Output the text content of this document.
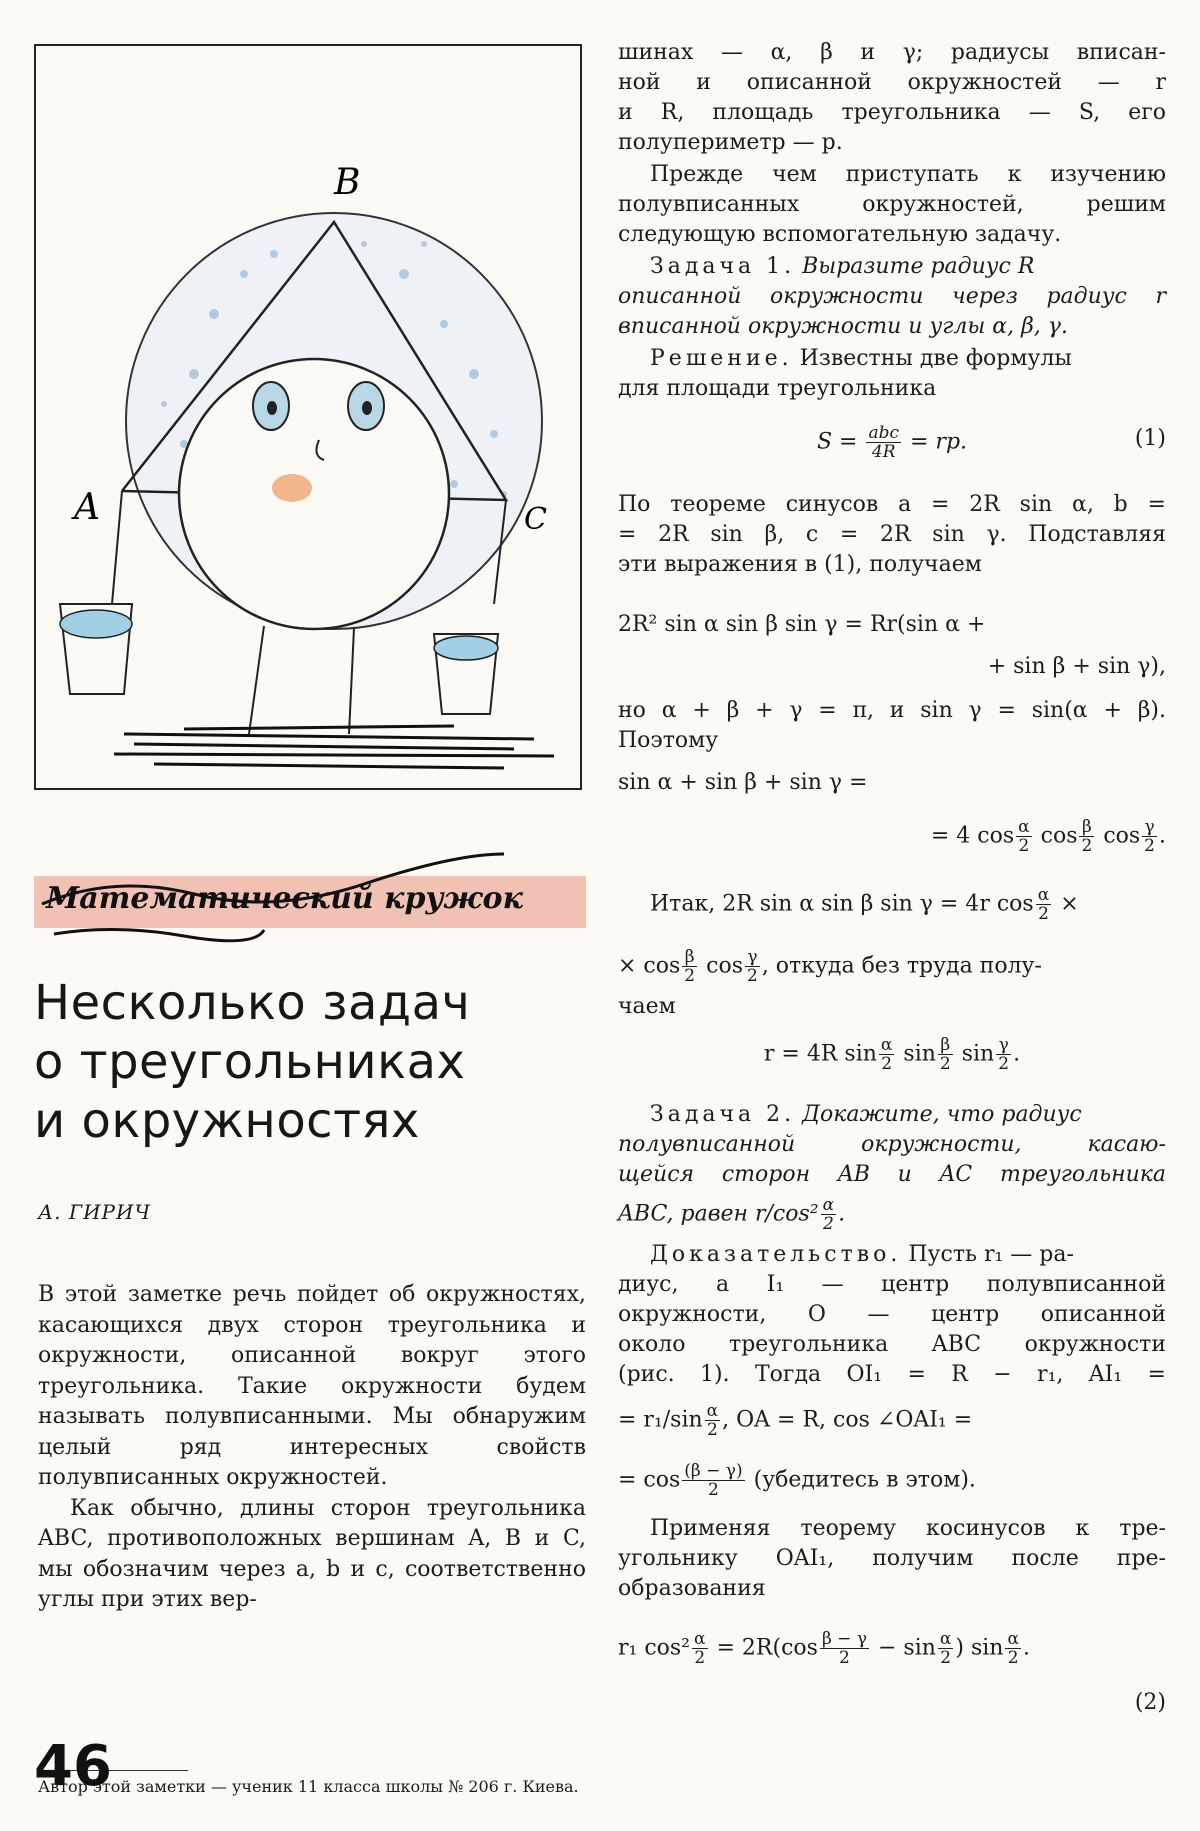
B
A	C
Математический кружок
Несколько задач
о треугольниках
и окружностях
А. ГИРИЧ

В этой заметке речь пойдет об окружностях, касающихся двух сторон треугольника и окружности, описанной вокруг этого треугольника. Такие окружности будем называть полувписанными. Мы обнаружим целый ряд интересных свойств полувписанных окружностей.

Как обычно, длины сторон треугольника ABC, противоположных вершинам A, B и C, мы обозначим через a, b и c, соответственно углы при этих вер-

Автор этой заметки — ученик 11 класса школы № 206 г. Киева.
46
шинах — α, β и γ; радиусы вписан-
ной и описанной окружностей — r
и R, площадь треугольника — S, его
полупериметр — p.
Прежде чем приступать к изучению
полувписанных окружностей, решим
следующую вспомогательную задачу.
Задача 1. Выразите радиус R
описанной окружности через радиус r
вписанной окружности и углы α, β, γ.
Решение. Известны две формулы
для площади треугольника
$S = \frac{\text{abc}}{4R}$ = rp.	(1)
По теореме синусов a = 2R sin α, b =
= 2R sin β, c = 2R sin γ. Подставляя
эти выражения в (1), получаем
2R² sin α sin β sin γ = Rr(sin α +
+ sin β + sin γ),
но α + β + γ = π, и sin γ = sin(α + β).
Поэтому
sin α + sin β + sin γ =
= 4 $\cos \frac{\alpha}{2}$ $\cos \frac{\beta}{2}$ $\cos \frac{\gamma}{2}$ .
Итак, 2R sin α sin β sin γ = 4r $\cos \frac{\alpha}{2}$ ×
× $\cos \frac{\beta}{2}$ $\cos \frac{\gamma}{2}$ , откуда без труда полу-
чаем
r = 4R $\sin \frac{\alpha}{2}$ $\sin \frac{\beta}{2}$ $\sin \frac{\gamma}{2}$ .
Задача 2. Докажите, что радиус
полувписанной окружности, касаю-
щейся сторон AB и AC треугольника
ABC, равен $r/\cos^2 \frac{\alpha}{2}$ .
Доказательство. Пусть r₁ — ра-
диус, а I₁ — центр полувписанной
окружности, O — центр описанной
около треугольника ABC окружности
(рис. 1). Тогда OI₁ = R − r₁, AI₁ =
= $r_1/\sin \frac{\alpha}{2}$ , OA = R, cos ∠OAI₁ =
= $\cos \frac{(\beta - \gamma)}{2}$ (убедитесь в этом).
Применяя теорему косинусов к тре-
угольнику OAI₁, получим после пре-
образования
r₁ $\cos^2 \frac{\alpha}{2} = 2R(\cos \frac{\beta - \gamma}{2} - \sin \frac{\alpha}{2}$ ) $\sin \frac{\alpha}{2}$ .
(2)
